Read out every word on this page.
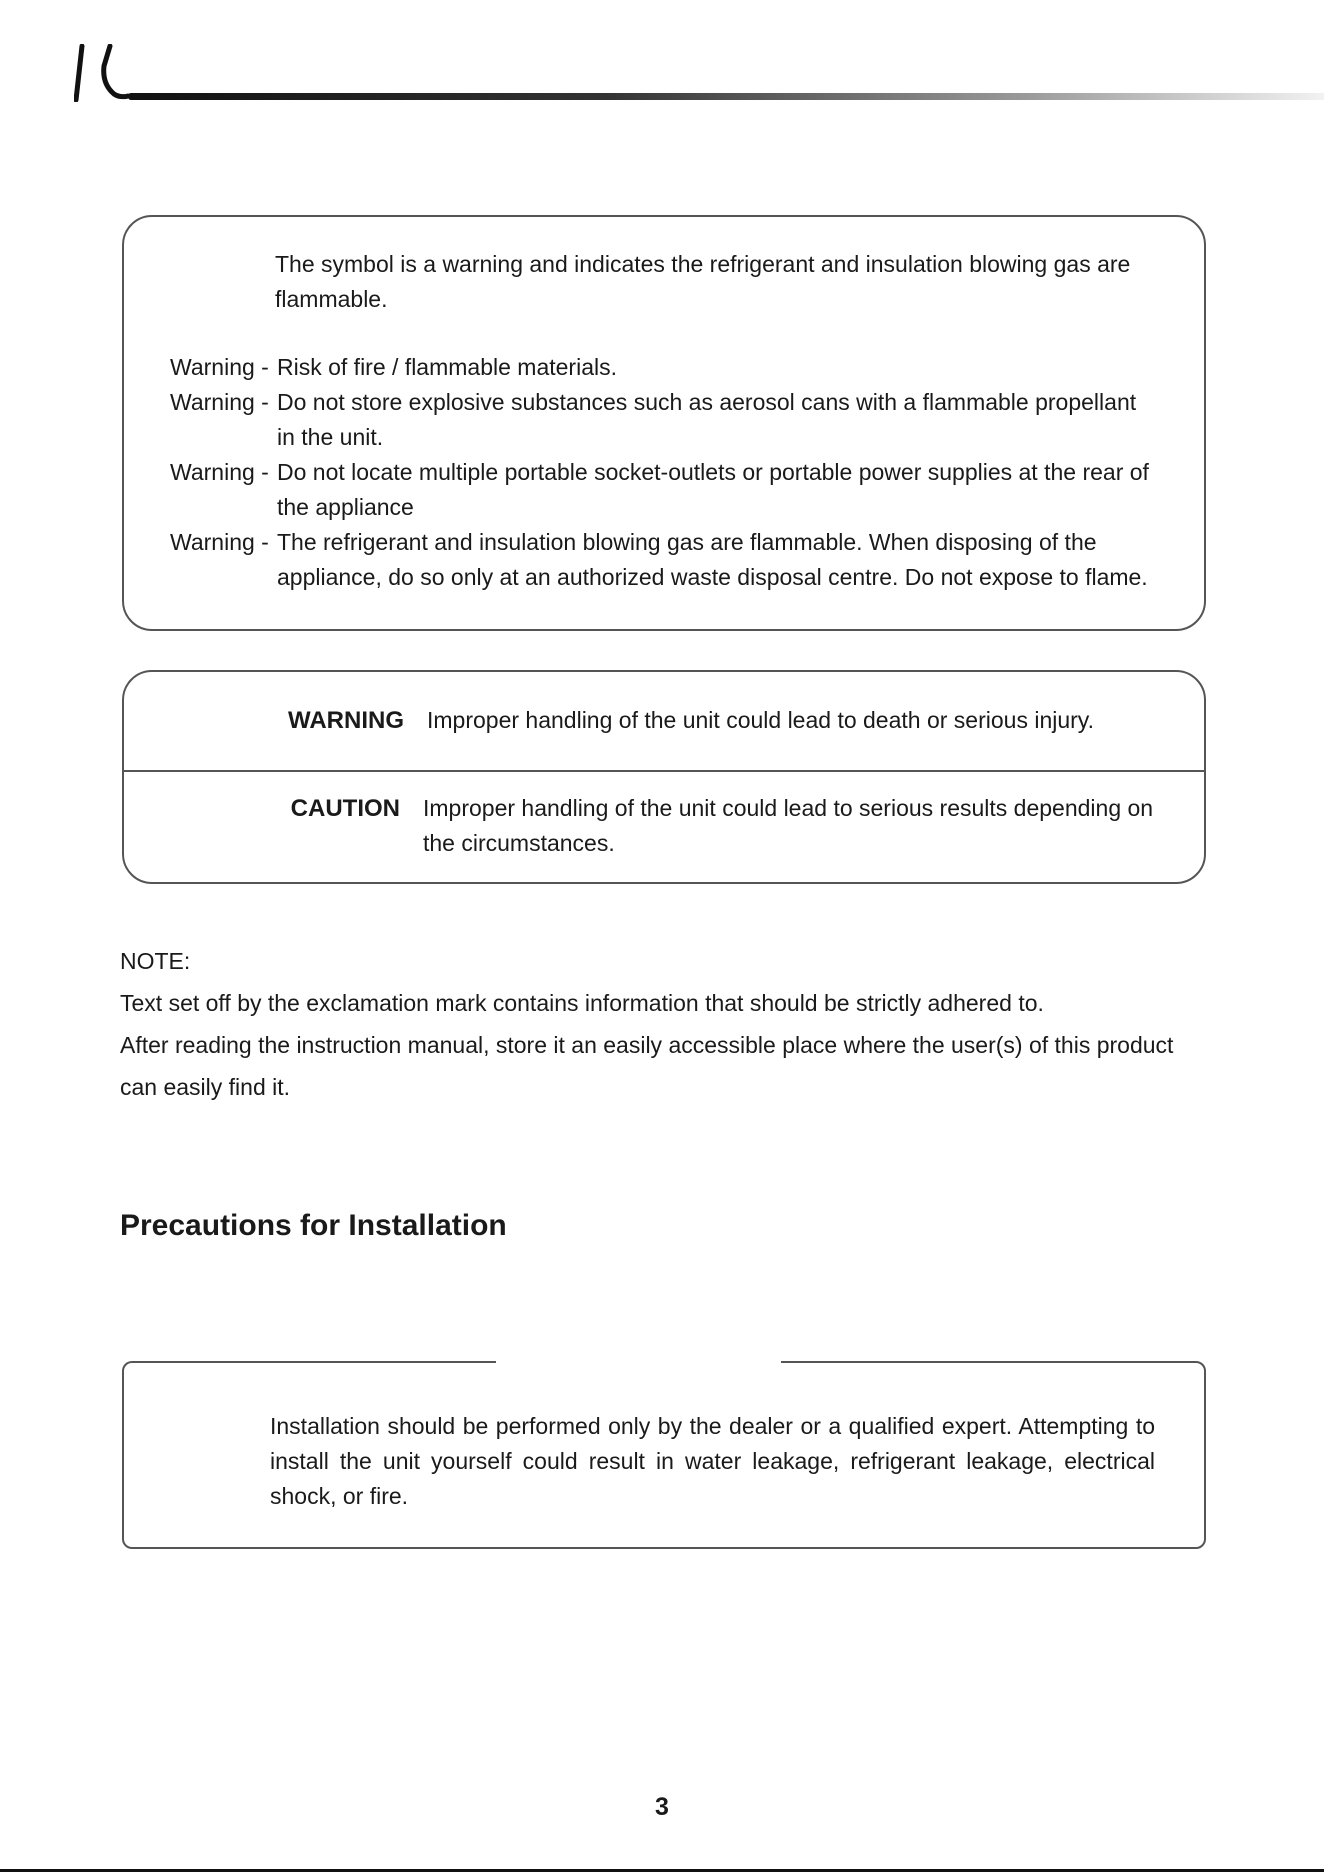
The symbol is a warning and indicates the refrigerant and insulation blowing gas are
flammable.
Warning - Risk of fire / flammable materials.
Warning - Do not store explosive substances such as aerosol cans with a flammable propellant
in the unit.
Warning - Do not locate multiple portable socket-outlets or portable power supplies at the rear of
the appliance
Warning - The refrigerant and insulation blowing gas are flammable. When disposing of the
appliance, do so only at an authorized waste disposal centre. Do not expose to flame.
WARNING Improper handling of the unit could lead to death or serious injury.
CAUTION Improper handling of the unit could lead to serious results depending on
the circumstances.
NOTE:
Text set off by the exclamation mark contains information that should be strictly adhered to.
After reading the instruction manual, store it an easily accessible place where the user(s) of this product
can easily find it.
Precautions for Installation
Installation should be performed only by the dealer or a qualified expert. Attempting to install the unit yourself could result in water leakage, refrigerant leakage, electrical shock, or fire.
3
